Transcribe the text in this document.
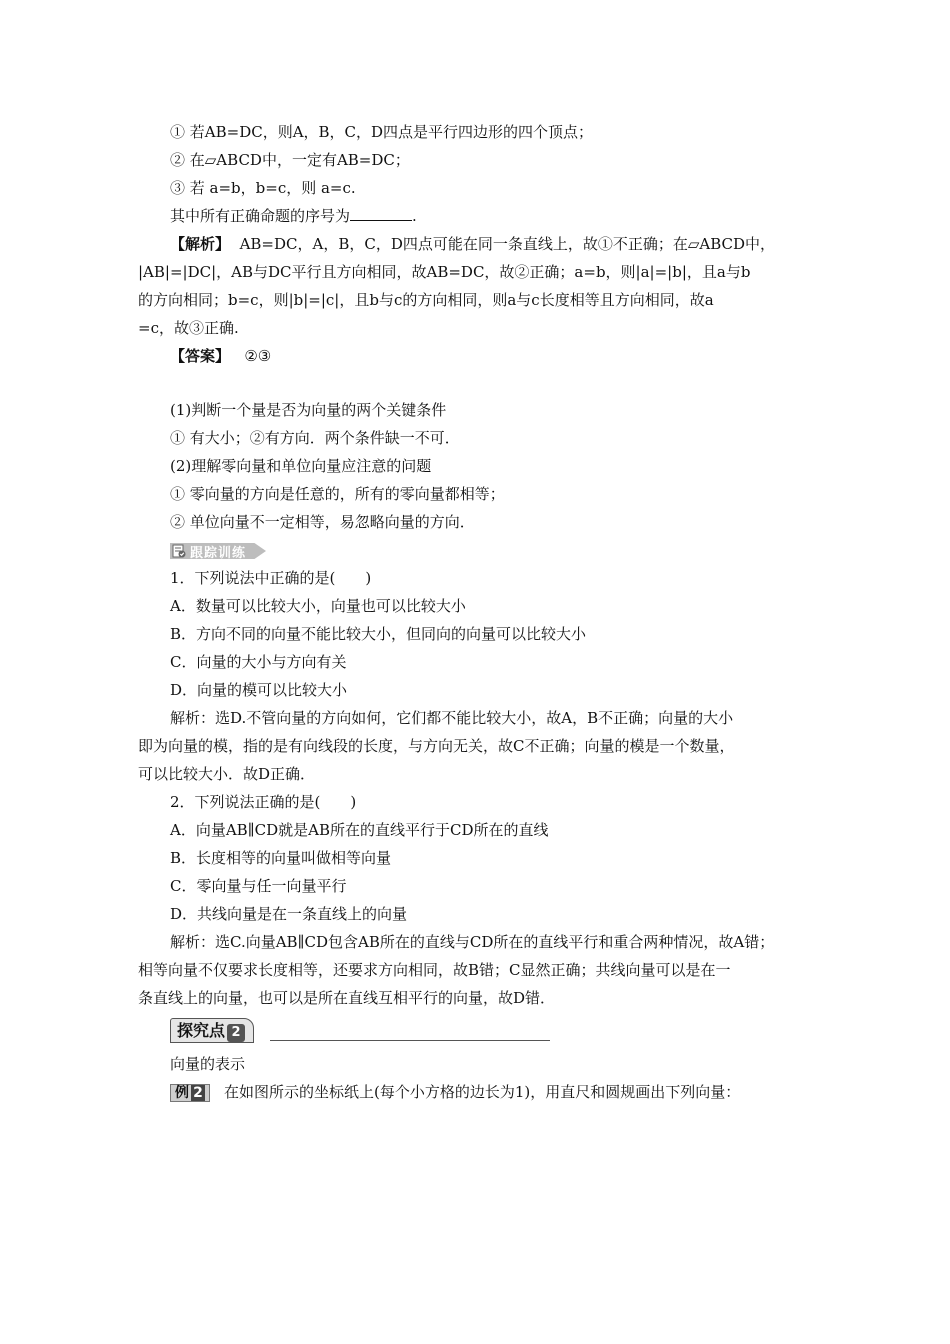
① 若AB=DC，则A，B，C，D四点是平行四边形的四个顶点；
② 在▱ABCD中，一定有AB=DC；
③ 若 a=b，b=c，则 a=c.
其中所有正确命题的序号为	.
【解析】 AB=DC，A，B，C，D四点可能在同一条直线上，故①不正确；在▱ABCD中，
|AB|=|DC|，AB与DC平行且方向相同，故AB=DC，故②正确；a=b，则|a|=|b|，且a与b
的方向相同；b=c，则|b|=|c|，且b与c的方向相同，则a与c长度相等且方向相同，故a
=c，故③正确.
【答案】 ②③
(1)判断一个量是否为向量的两个关键条件
① 有大小；②有方向．两个条件缺一不可．
(2)理解零向量和单位向量应注意的问题
① 零向量的方向是任意的，所有的零向量都相等；
② 单位向量不一定相等，易忽略向量的方向．
跟踪训练
1．下列说法中正确的是(　　)
A．数量可以比较大小，向量也可以比较大小
B．方向不同的向量不能比较大小，但同向的向量可以比较大小
C．向量的大小与方向有关
D．向量的模可以比较大小
解析：选D.不管向量的方向如何，它们都不能比较大小，故A，B不正确；向量的大小
即为向量的模，指的是有向线段的长度，与方向无关，故C不正确；向量的模是一个数量，
可以比较大小．故D正确．
2．下列说法正确的是(　　)
A．向量AB∥CD就是AB所在的直线平行于CD所在的直线
B．长度相等的向量叫做相等向量
C．零向量与任一向量平行
D．共线向量是在一条直线上的向量
解析：选C.向量AB∥CD包含AB所在的直线与CD所在的直线平行和重合两种情况，故A错；
相等向量不仅要求长度相等，还要求方向相同，故B错；C显然正确；共线向量可以是在一
条直线上的向量，也可以是所在直线互相平行的向量，故D错．
探究点 2
向量的表示
例 2 在如图所示的坐标纸上(每个小方格的边长为1)，用直尺和圆规画出下列向量：
